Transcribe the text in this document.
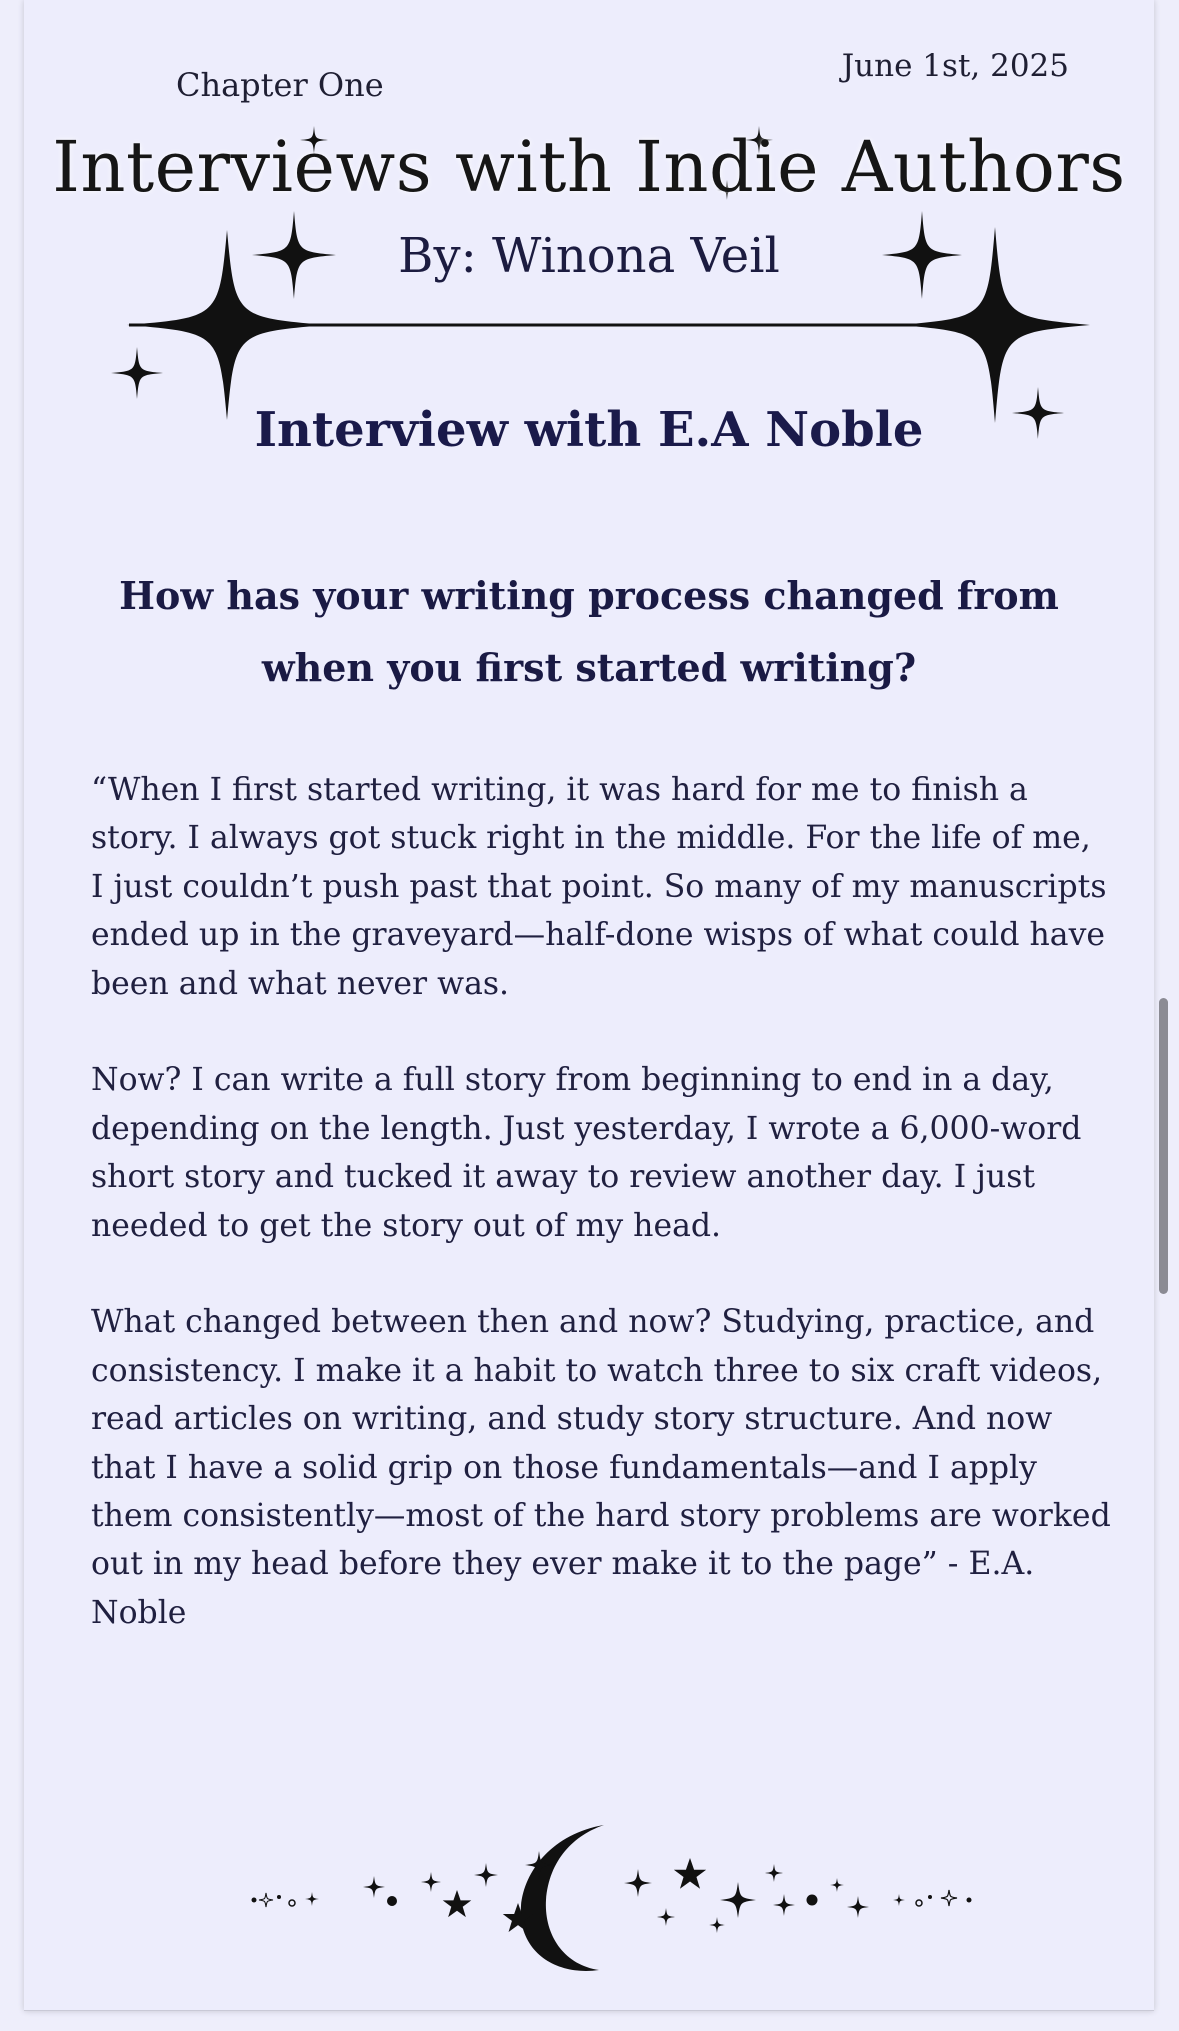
Chapter One	June 1st, 2025
Interviews with Indie Authors
By: Winona Veil
Interview with E.A Noble
How has your writing process changed from when you first started writing?

“When I first started writing, it was hard for me to finish a story. I always got stuck right in the middle. For the life of me, I just couldn’t push past that point. So many of my manuscripts ended up in the graveyard—half-done wisps of what could have been and what never was.

Now? I can write a full story from beginning to end in a day, depending on the length. Just yesterday, I wrote a 6,000-word short story and tucked it away to review another day. I just needed to get the story out of my head.

What changed between then and now? Studying, practice, and consistency. I make it a habit to watch three to six craft videos, read articles on writing, and study story structure. And now that I have a solid grip on those fundamentals—and I apply them consistently—most of the hard story problems are worked out in my head before they ever make it to the page” - E.A. Noble
